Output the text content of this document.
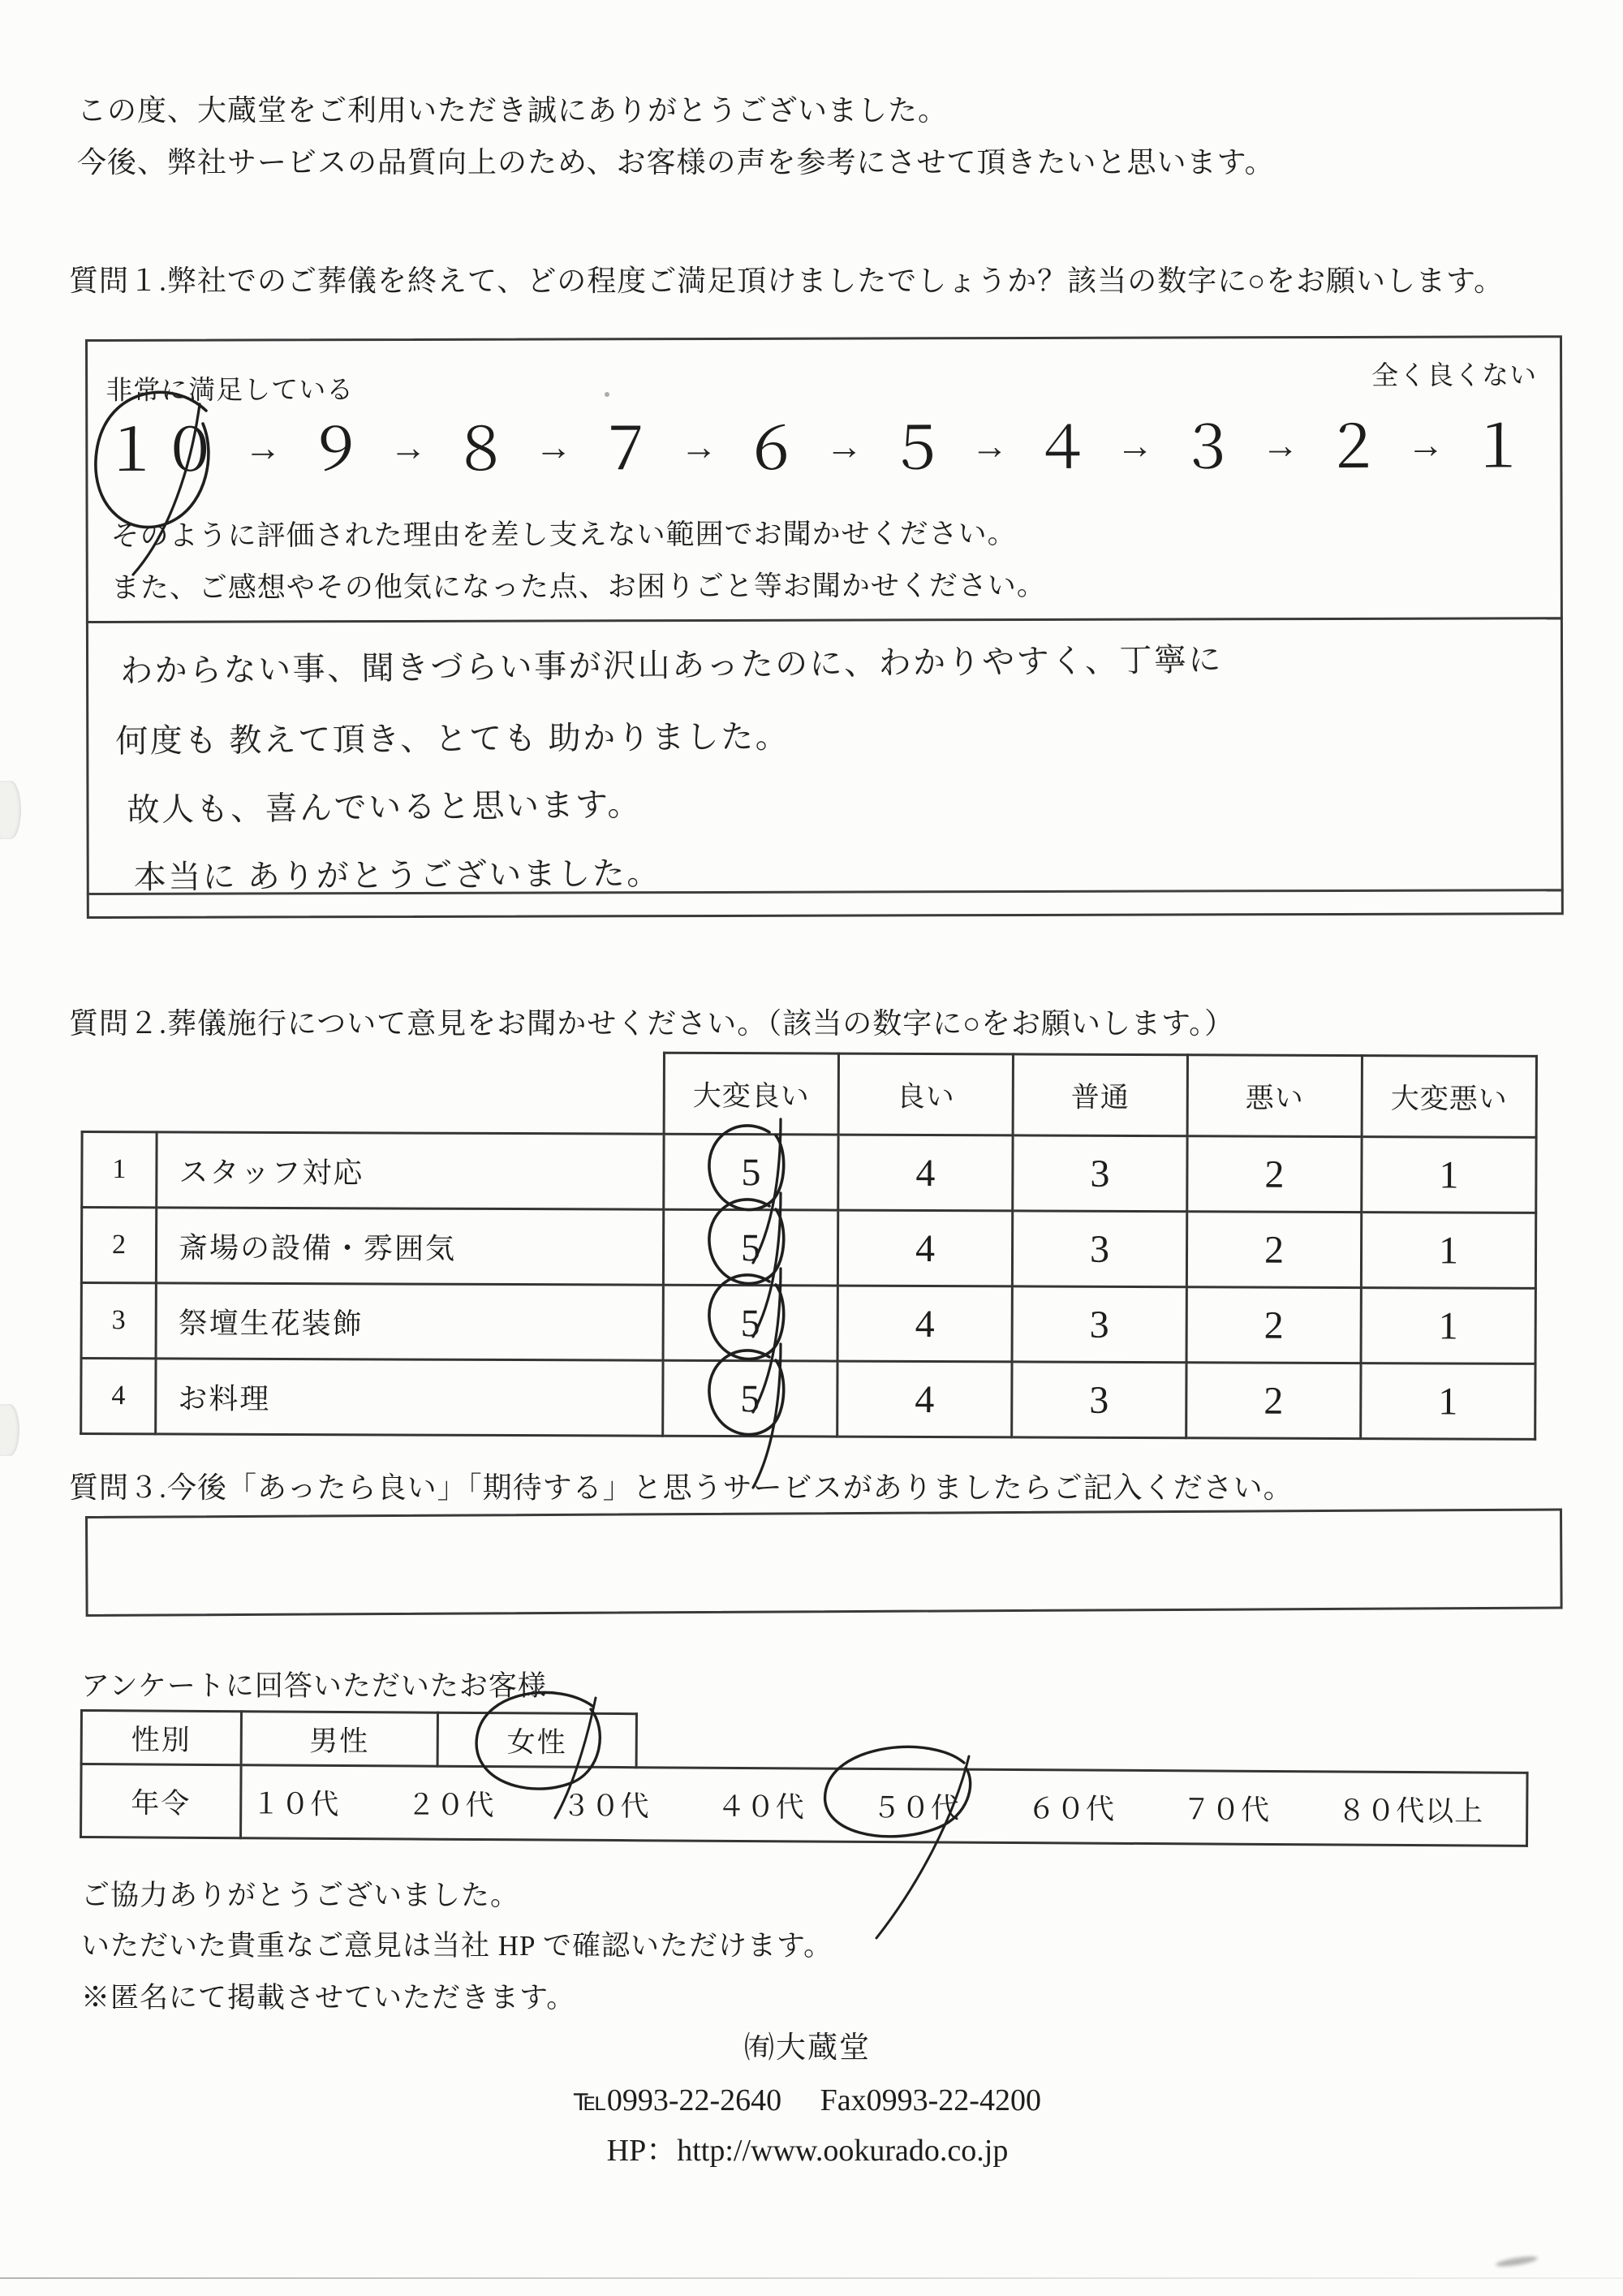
この度、大蔵堂をご利用いただき誠にありがとうございました。
今後、弊社サービスの品質向上のため、お客様の声を参考にさせて頂きたいと思います。
質問１.弊社でのご葬儀を終えて、どの程度ご満足頂けましたでしょうか？該当の数字に○をお願いします。
非常に満足している	全く良くない
１０ → ９ → ８ → ７ → ６ → ５ → ４ → ３ → ２ → １
そのように評価された理由を差し支えない範囲でお聞かせください。
また、ご感想やその他気になった点、お困りごと等お聞かせください。
わからない事、聞きづらい事が沢山あったのに、わかりやすく、丁寧に
何度も 教えて頂き、とても 助かりました。
故人も、喜んでいると思います。
本当に ありがとうございました。
質問２.葬儀施行について意見をお聞かせください。（該当の数字に○をお願いします。）
		大変良い	良い	普通	悪い	大変悪い
1	スタッフ対応	5	4	3	2	1
2	斎場の設備・雰囲気	5	4	3	2	1
3	祭壇生花装飾	5	4	3	2	1
4	お料理	5	4	3	2	1
質問３.今後「あったら良い」「期待する」と思うサービスがありましたらご記入ください。
アンケートに回答いただいたお客様
性別	男性	女性	
年令	１０代 ２０代 ３０代 ４０代 ５０代 ６０代 ７０代 ８０代以上
ご協力ありがとうございました。
いただいた貴重なご意見は当社 HP で確認いただけます。
※匿名にて掲載させていただきます。
㈲大蔵堂
℡0993-22-2640　 Fax0993-22-4200
HP：http://www.ookurado.co.jp
